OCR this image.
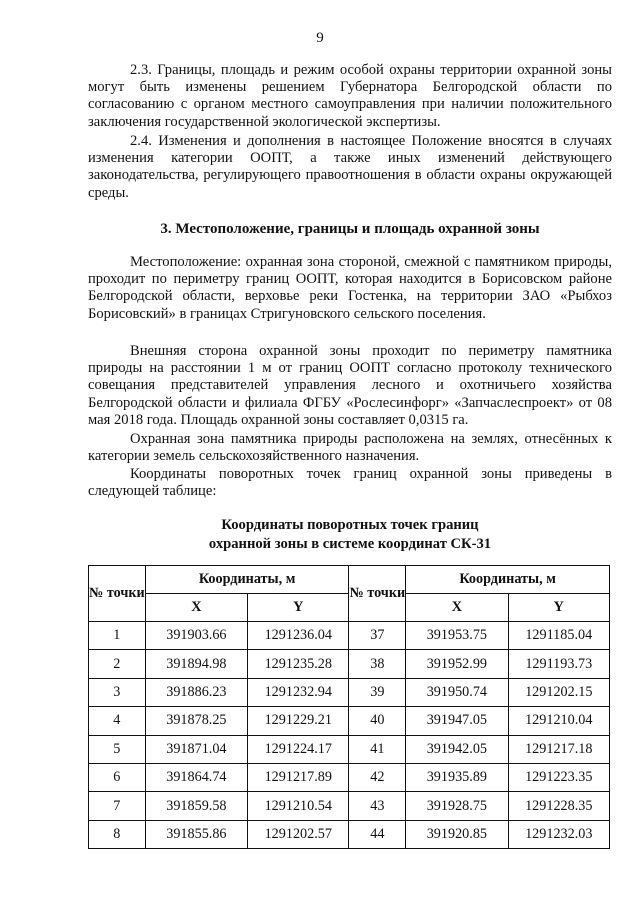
9

2.3. Границы, площадь и режим особой охраны территории охранной зоны могут быть изменены решением Губернатора Белгородской области по согласованию с органом местного самоуправления при наличии положительного заключения государственной экологической экспертизы.

2.4. Изменения и дополнения в настоящее Положение вносятся в случаях изменения категории ООПТ, а также иных изменений действующего законодательства, регулирующего правоотношения в области охраны окружающей среды.

3. Местоположение, границы и площадь охранной зоны

Местоположение: охранная зона стороной, смежной с памятником природы, проходит по периметру границ ООПТ, которая находится в Борисовском районе Белгородской области, верховье реки Гостенка, на территории ЗАО «Рыбхоз Борисовский» в границах Стригуновского сельского поселения.

Внешняя сторона охранной зоны проходит по периметру памятника природы на расстоянии 1 м от границ ООПТ согласно протоколу технического совещания представителей управления лесного и охотничьего хозяйства Белгородской области и филиала ФГБУ «Рослесинфорг» «Запчаслеспроект» от 08 мая 2018 года. Площадь охранной зоны составляет 0,0315 га.

Охранная зона памятника природы расположена на землях, отнесённых к категории земель сельскохозяйственного назначения.

Координаты поворотных точек границ охранной зоны приведены в следующей таблице:

Координаты поворотных точек границ
охранной зоны в системе координат СК-31

№ точки	Координаты, м		№ точки	Координаты, м	
	X	Y		X	Y
1	391903.66	1291236.04	37	391953.75	1291185.04
2	391894.98	1291235.28	38	391952.99	1291193.73
3	391886.23	1291232.94	39	391950.74	1291202.15
4	391878.25	1291229.21	40	391947.05	1291210.04
5	391871.04	1291224.17	41	391942.05	1291217.18
6	391864.74	1291217.89	42	391935.89	1291223.35
7	391859.58	1291210.54	43	391928.75	1291228.35
8	391855.86	1291202.57	44	391920.85	1291232.03
